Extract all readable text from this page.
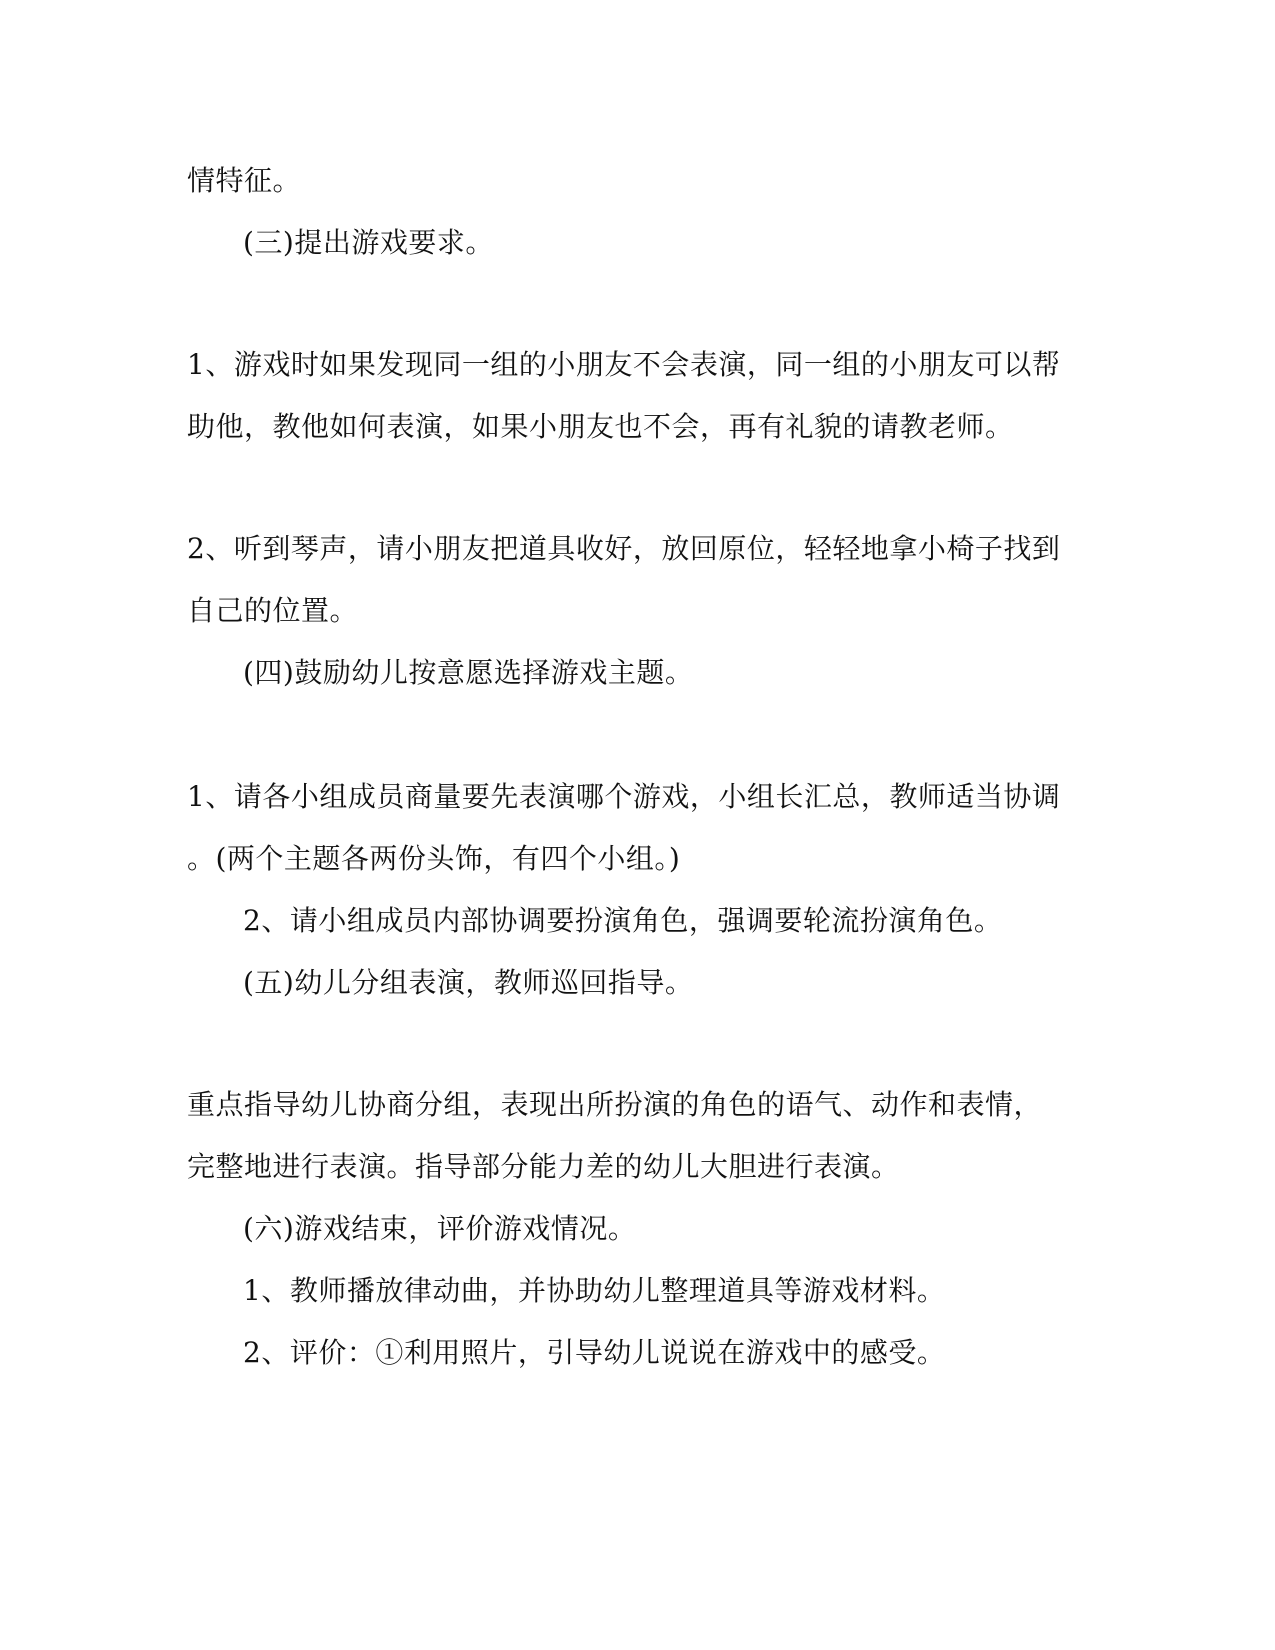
情特征。
(三)提出游戏要求。
1、游戏时如果发现同一组的小朋友不会表演，同一组的小朋友可以帮
助他，教他如何表演，如果小朋友也不会，再有礼貌的请教老师。
2、听到琴声，请小朋友把道具收好，放回原位，轻轻地拿小椅子找到
自己的位置。
(四)鼓励幼儿按意愿选择游戏主题。
1、请各小组成员商量要先表演哪个游戏，小组长汇总，教师适当协调
。(两个主题各两份头饰，有四个小组。)
2、请小组成员内部协调要扮演角色，强调要轮流扮演角色。
(五)幼儿分组表演，教师巡回指导。
重点指导幼儿协商分组，表现出所扮演的角色的语气、动作和表情，
完整地进行表演。指导部分能力差的幼儿大胆进行表演。
(六)游戏结束，评价游戏情况。
1、教师播放律动曲，并协助幼儿整理道具等游戏材料。
2、评价：①利用照片，引导幼儿说说在游戏中的感受。
